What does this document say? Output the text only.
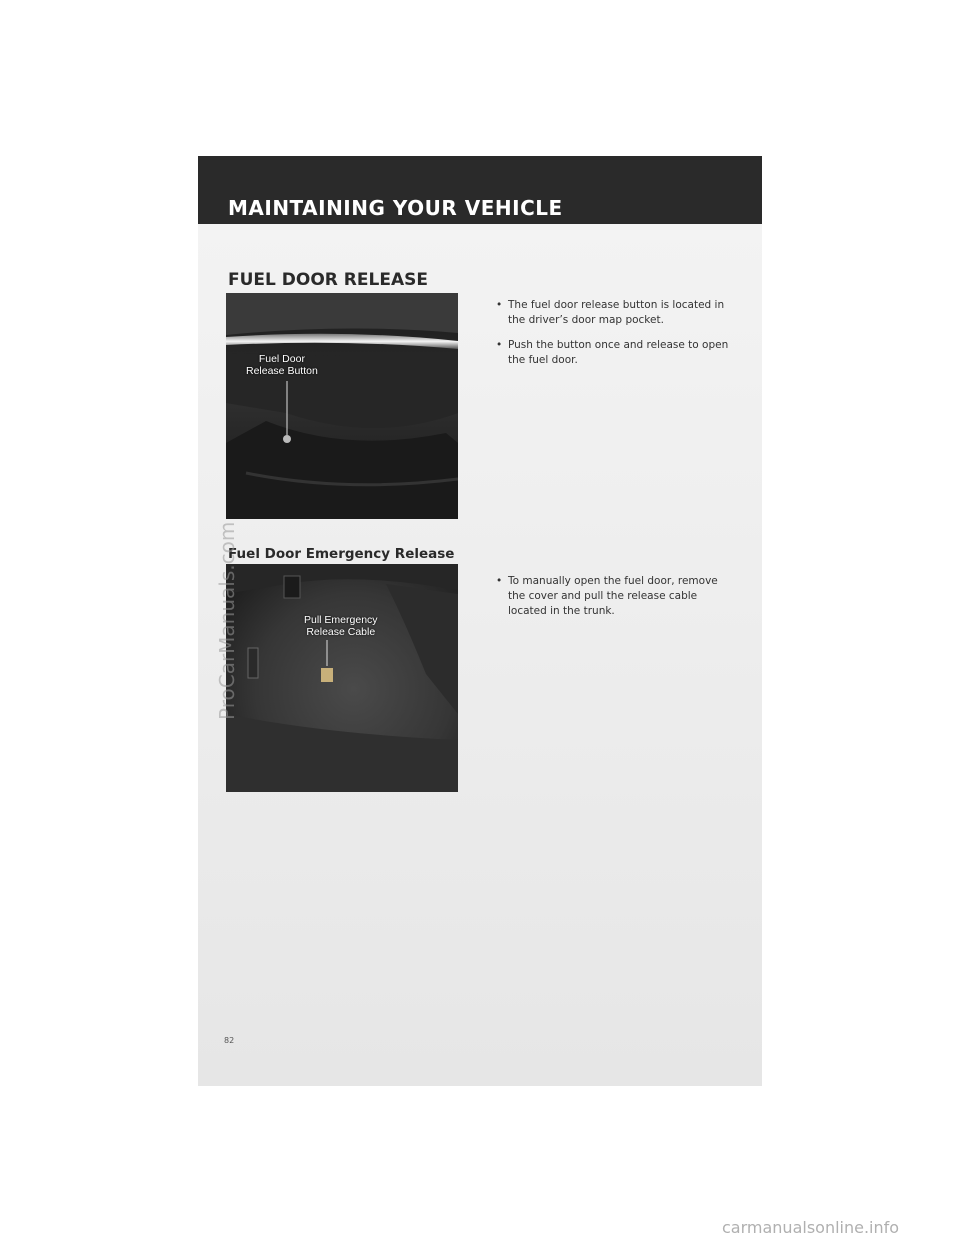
MAINTAINING YOUR VEHICLE
FUEL DOOR RELEASE
Fuel Door
Release Button
• The fuel door release button is located in the driver’s door map pocket.
• Push the button once and release to open the fuel door.
Fuel Door Emergency Release
Pull Emergency
Release Cable
• To manually open the fuel door, remove the cover and pull the release cable located in the trunk.
82
ProCarManuals.com
carmanualsonline.info
